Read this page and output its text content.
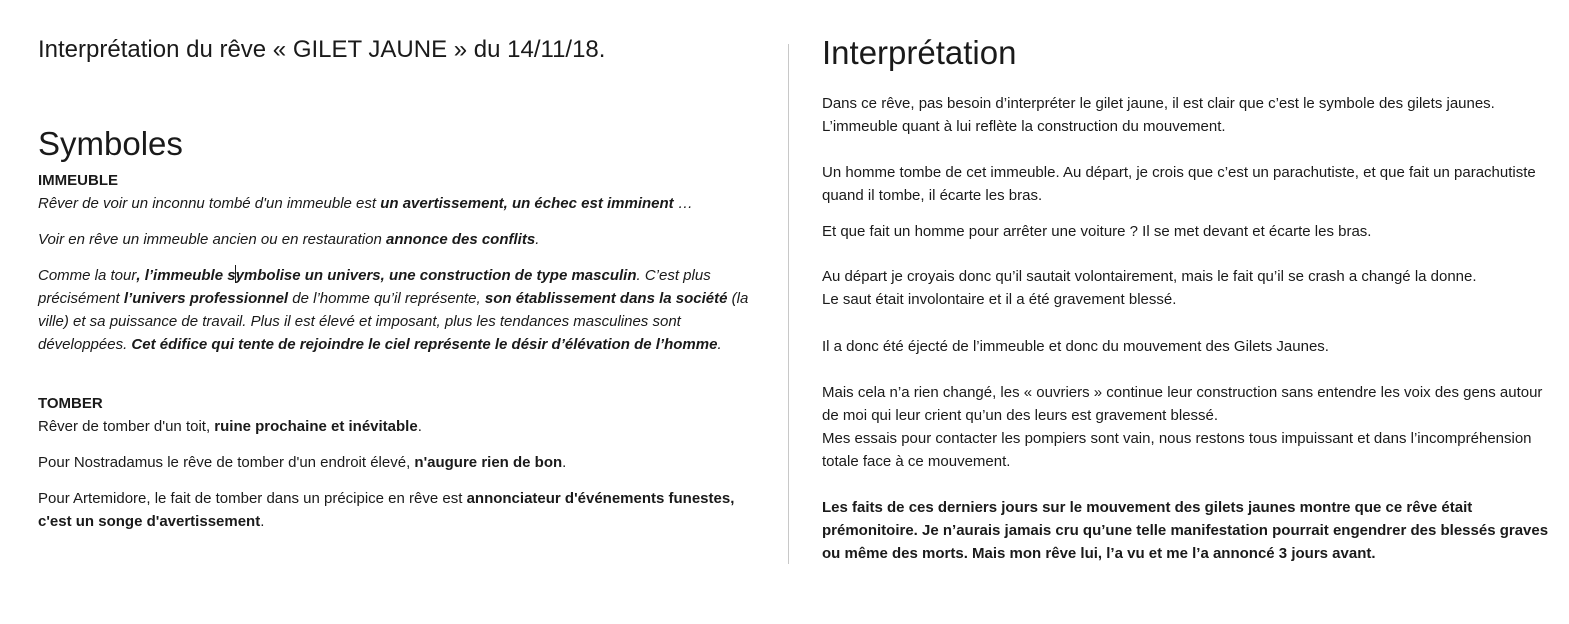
Interprétation du rêve « GILET JAUNE » du 14/11/18.
Symboles

IMMEUBLE

Rêver de voir un inconnu tombé d'un immeuble est un avertissement, un échec est imminent …

Voir en rêve un immeuble ancien ou en restauration annonce des conflits.

Comme la tour, l’immeuble symbolise un univers, une construction de type masculin. C’est plus précisément l’univers professionnel de l’homme qu’il représente, son établissement dans la société (la ville) et sa puissance de travail. Plus il est élevé et imposant, plus les tendances masculines sont développées. Cet édifice qui tente de rejoindre le ciel représente le désir d’élévation de l’homme.

TOMBER

Rêver de tomber d'un toit, ruine prochaine et inévitable.

Pour Nostradamus le rêve de tomber d'un endroit élevé, n'augure rien de bon.

Pour Artemidore, le fait de tomber dans un précipice en rêve est annonciateur d'événements funestes, c'est un songe d'avertissement.

Interprétation

Dans ce rêve, pas besoin d’interpréter le gilet jaune, il est clair que c’est le symbole des gilets jaunes.
L’immeuble quant à lui reflète la construction du mouvement.

Un homme tombe de cet immeuble. Au départ, je crois que c’est un parachutiste, et que fait un parachutiste quand il tombe, il écarte les bras.

Et que fait un homme pour arrêter une voiture ? Il se met devant et écarte les bras.

Au départ je croyais donc qu’il sautait volontairement, mais le fait qu’il se crash a changé la donne.
Le saut était involontaire et il a été gravement blessé.

Il a donc été éjecté de l’immeuble et donc du mouvement des Gilets Jaunes.

Mais cela n’a rien changé, les « ouvriers » continue leur construction sans entendre les voix des gens autour de moi qui leur crient qu’un des leurs est gravement blessé.
Mes essais pour contacter les pompiers sont vain, nous restons tous impuissant et dans l’incompréhension totale face à ce mouvement.

Les faits de ces derniers jours sur le mouvement des gilets jaunes montre que ce rêve était prémonitoire. Je n’aurais jamais cru qu’une telle manifestation pourrait engendrer des blessés graves ou même des morts. Mais mon rêve lui, l’a vu et me l’a annoncé 3 jours avant.
